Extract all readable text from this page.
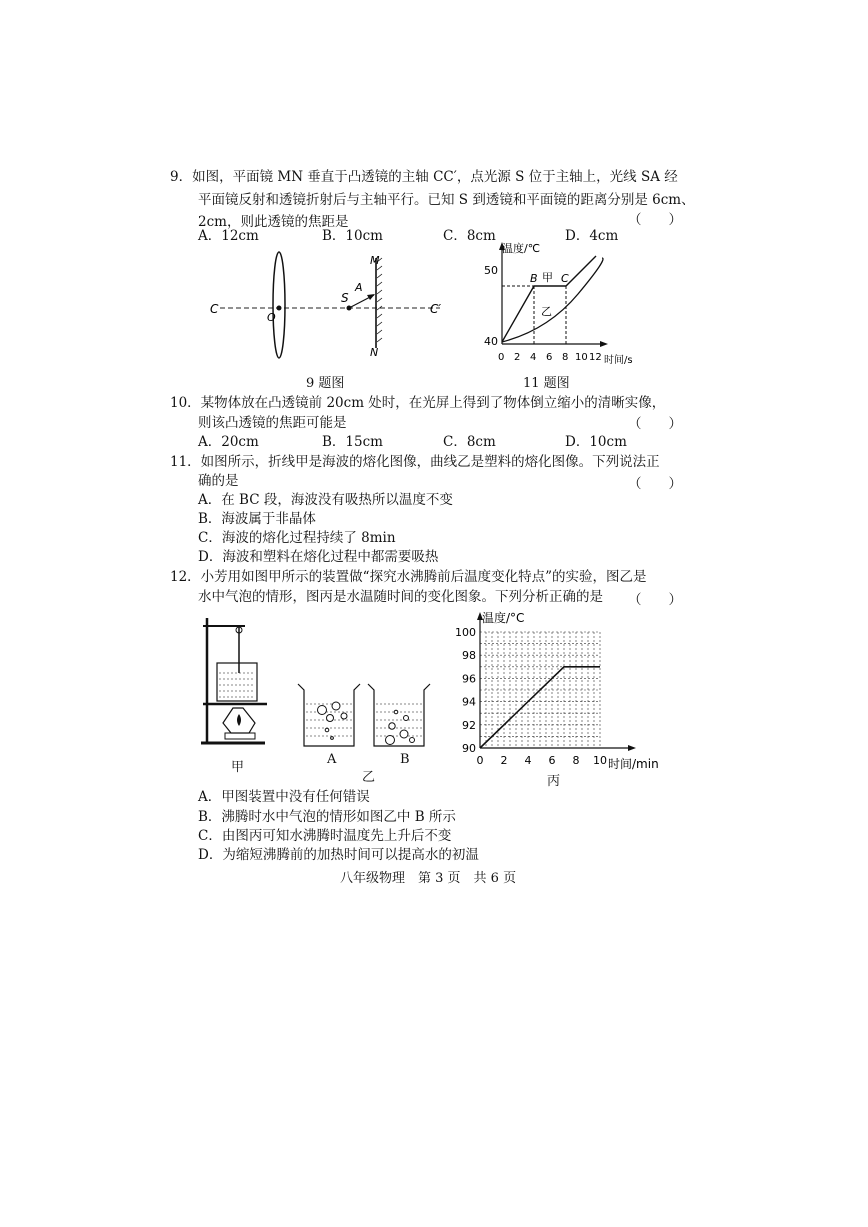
9．如图，平面镜 MN 垂直于凸透镜的主轴 CC′，点光源 S 位于主轴上，光线 SA 经
平面镜反射和透镜折射后与主轴平行。已知 S 到透镜和平面镜的距离分别是 6cm、
2cm，则此透镜的焦距是	（　　）
A．12cm	B．10cm	C．8cm	D．4cm
C
O
S
A
M
N
C′
9 题图
50
40
温度/℃
0 2 4 6 8 10 12 时间/s
B 甲 C
乙
11 题图
10．某物体放在凸透镜前 20cm 处时，在光屏上得到了物体倒立缩小的清晰实像，
则该凸透镜的焦距可能是	（　　）
A．20cm	B．15cm	C．8cm	D．10cm
11．如图所示，折线甲是海波的熔化图像，曲线乙是塑料的熔化图像。下列说法正
确的是	（　　）
A．在 BC 段，海波没有吸热所以温度不变
B．海波属于非晶体
C．海波的熔化过程持续了 8min
D．海波和塑料在熔化过程中都需要吸热
12．小芳用如图甲所示的装置做“探究水沸腾前后温度变化特点”的实验，图乙是
水中气泡的情形，图丙是水温随时间的变化图象。下列分析正确的是 （　　）
甲
A	B
乙
0 2 4 6 8 10
90
92
94
96
98
100
温度/°C
时间/min
丙
A．甲图装置中没有任何错误
B．沸腾时水中气泡的情形如图乙中 B 所示
C．由图丙可知水沸腾时温度先上升后不变
D．为缩短沸腾前的加热时间可以提高水的初温
八年级物理　第 3 页　共 6 页
